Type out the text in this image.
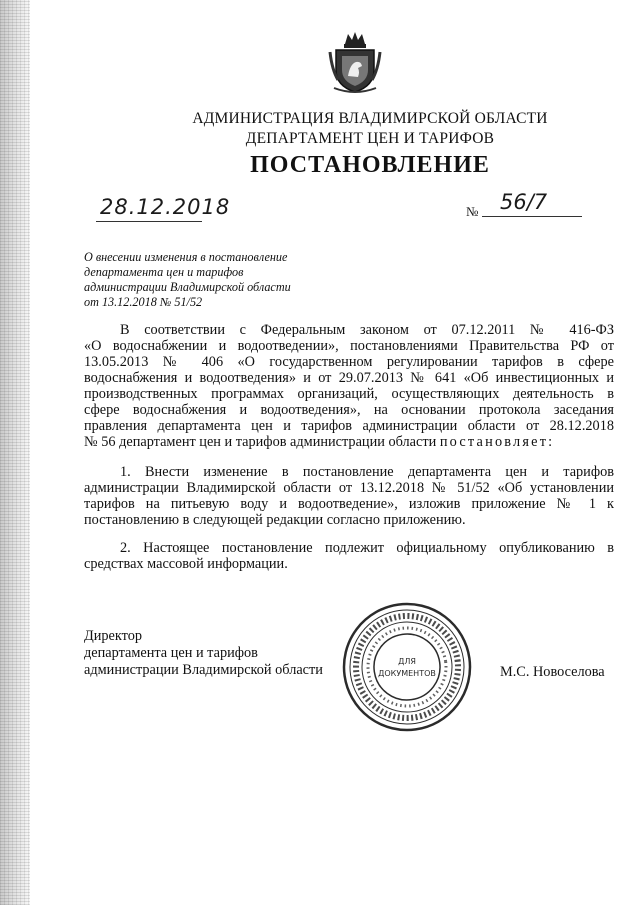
АДМИНИСТРАЦИЯ ВЛАДИМИРСКОЙ ОБЛАСТИ
ДЕПАРТАМЕНТ ЦЕН И ТАРИФОВ
ПОСТАНОВЛЕНИЕ
28.12.2018	№ 56/7
О внесении изменения в постановление
департамента цен и тарифов
администрации Владимирской области
от 13.12.2018 № 51/52
В соответствии с Федеральным законом от 07.12.2011 № 416-ФЗ
«О водоснабжении и водоотведении», постановлениями Правительства РФ от
13.05.2013 № 406 «О государственном регулировании тарифов в сфере
водоснабжения и водоотведения» и от 29.07.2013 № 641 «Об инвестиционных и
производственных программах организаций, осуществляющих деятельность в
сфере водоснабжения и водоотведения», на основании протокола заседания
правления департамента цен и тарифов администрации области от 28.12.2018
№ 56 департамент цен и тарифов администрации области постановляет:
1. Внести изменение в постановление департамента цен и тарифов
администрации Владимирской области от 13.12.2018 № 51/52 «Об установлении
тарифов на питьевую воду и водоотведение», изложив приложение № 1 к
постановлению в следующей редакции согласно приложению.
2. Настоящее постановление подлежит официальному опубликованию в
средствах массовой информации.
Директор
департамента цен и тарифов
администрации Владимирской области	М.С. Новоселова
ДЛЯ
ДОКУМЕНТОВ
